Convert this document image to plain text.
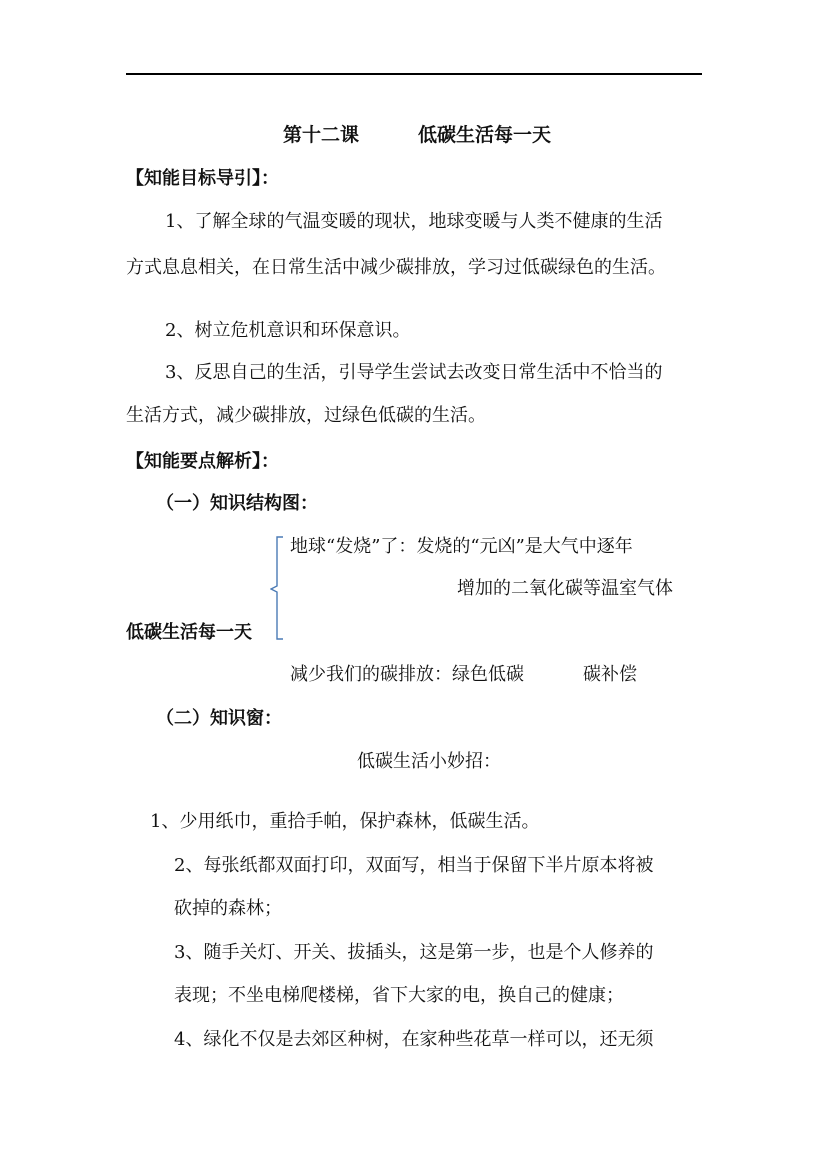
第十二课	低碳生活每一天
【知能目标导引】：
1、了解全球的气温变暖的现状，地球变暖与人类不健康的生活
方式息息相关，在日常生活中减少碳排放，学习过低碳绿色的生活。
2、树立危机意识和环保意识。
3、反思自己的生活，引导学生尝试去改变日常生活中不恰当的
生活方式，减少碳排放，过绿色低碳的生活。
【知能要点解析】：
（一）知识结构图：
地球“发烧”了：发烧的“元凶”是大气中逐年
增加的二氧化碳等温室气体
低碳生活每一天
减少我们的碳排放：绿色低碳	碳补偿
（二）知识窗：
低碳生活小妙招：
1、少用纸巾，重拾手帕，保护森林，低碳生活。
2、每张纸都双面打印，双面写，相当于保留下半片原本将被
砍掉的森林；
3、随手关灯、开关、拔插头，这是第一步，也是个人修养的
表现；不坐电梯爬楼梯，省下大家的电，换自己的健康；
4、绿化不仅是去郊区种树，在家种些花草一样可以，还无须
